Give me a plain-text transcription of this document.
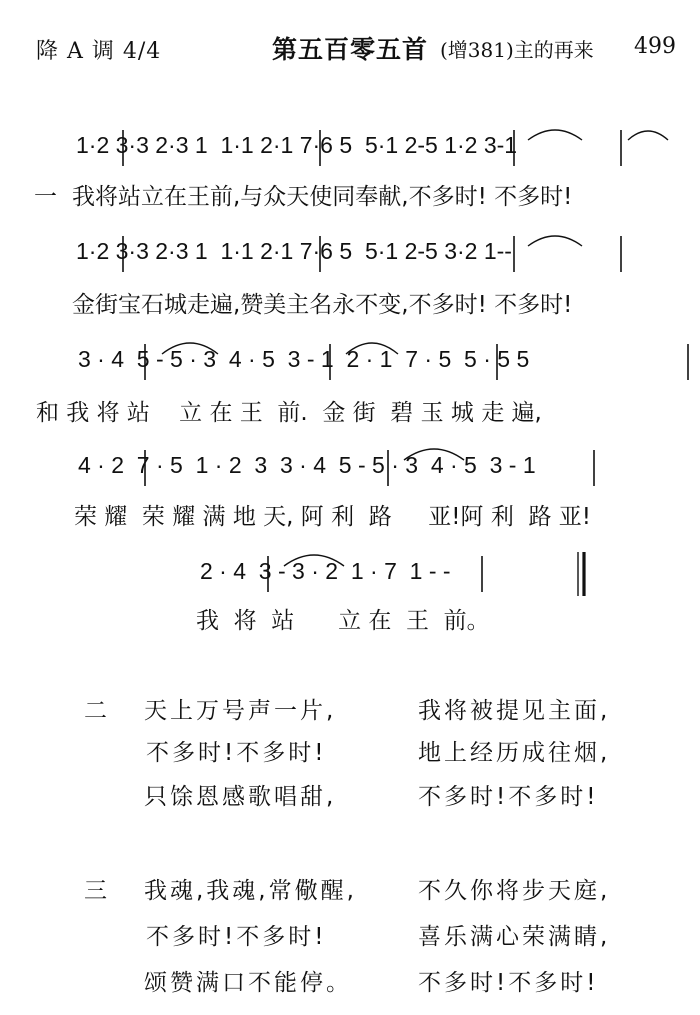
降 A 调 4/4	第五百零五首 (增381)主的再来 499
1·2 3·3 2·3 1  1·1 2·1 7·6 5  5·1 2-5 1·2 3-1

一

我将站立在王前,与众天使同奉献,不多时! 不多时!

1·2 3·3 2·3 1  1·1 2·1 7·6 5  5·1 2-5 3·2 1--

金街宝石城走遍,赞美主名永不变,不多时! 不多时!

3 · 4  5 - 5 · 3  4 · 5  3 - 1  2 · 1  7 · 5  5 · 5 5

和 我 将 站    立 在 王  前.  金 街  碧 玉 城 走 遍,

4 · 2  7 · 5  1 · 2  3  3 · 4  5 - 5 · 3  4 · 5  3 - 1

荣 耀  荣 耀 满 地 天, 阿 利  路     亚!阿 利  路 亚!

2 · 4  3 - 3 · 2  1 · 7  1 - -

我  将  站      立 在  王  前。

二 天上万号声一片,	我将被提见主面,
不多时!不多时!	地上经历成往烟,
只馀恩感歌唱甜,	不多时!不多时!
三 我魂,我魂,常儆醒,	不久你将步天庭,
不多时!不多时!	喜乐满心荣满睛,
颂赞满口不能停。	不多时!不多时!
